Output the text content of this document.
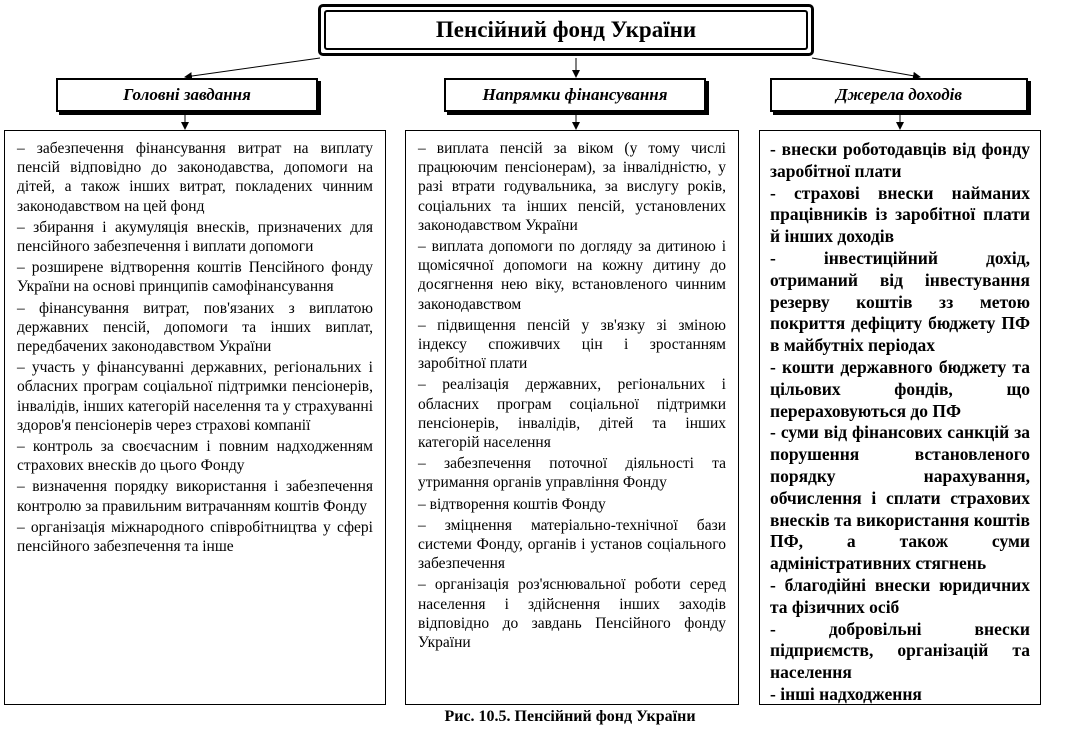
Пенсійний фонд України
Головні завдання	Напрямки фінансування	Джерела доходів
– забезпечення фінансування витрат на виплату пенсій відповідно до законодавства, допомоги на дітей, а також інших витрат, покладених чинним законодавством на цей фонд
– збирання і акумуляція внесків, призначених для пенсійного забезпечення і виплати допомоги
– розширене відтворення коштів Пенсійного фонду України на основі принципів самофінансування
– фінансування витрат, пов'язаних з виплатою державних пенсій, допомоги та інших виплат, передбачених законодавством України
– участь у фінансуванні державних, регіональних і обласних програм соціальної підтримки пенсіонерів, інвалідів, інших категорій населення та у страхуванні здоров'я пенсіонерів через страхові компанії
– контроль за своєчасним і повним надходженням страхових внесків до цього Фонду
– визначення порядку використання і забезпечення контролю за правильним витрачанням коштів Фонду
– організація міжнародного співробітництва у сфері пенсійного забезпечення та інше
– виплата пенсій за віком (у тому числі працюючим пенсіонерам), за інвалідністю, у разі втрати годувальника, за вислугу років, соціальних та інших пенсій, установлених законодавством України
– виплата допомоги по догляду за дитиною і щомісячної допомоги на кожну дитину до досягнення нею віку, встановленого чинним законодавством
– підвищення пенсій у зв'язку зі зміною індексу споживчих цін і зростанням заробітної плати
– реалізація державних, регіональних і обласних програм соціальної підтримки пенсіонерів, інвалідів, дітей та інших категорій населення
– забезпечення поточної діяльності та утримання органів управління Фонду
– відтворення коштів Фонду
– зміцнення матеріально-технічної бази системи Фонду, органів і установ соціального забезпечення
– організація роз'яснювальної роботи серед населення і здійснення інших заходів відповідно до завдань Пенсійного фонду України
- внески роботодавців від фонду заробітної плати
- страхові внески найманих працівників із заробітної плати й інших доходів
- інвестиційний дохід, отриманий від інвестування резерву коштів зз метою покриття дефіциту бюджету ПФ в майбутніх періодах
- кошти державного бюджету та цільових фондів, що перераховуються до ПФ
- суми від фінансових санкцій за порушення встановленого порядку нарахування, обчислення і сплати страхових внесків та використання коштів ПФ, а також суми адміністративних стягнень
- благодійні внески юридичних та фізичних осіб
- добровільні внески підприємств, організацій та населення
- інші надходження
Рис. 10.5. Пенсійний фонд України
